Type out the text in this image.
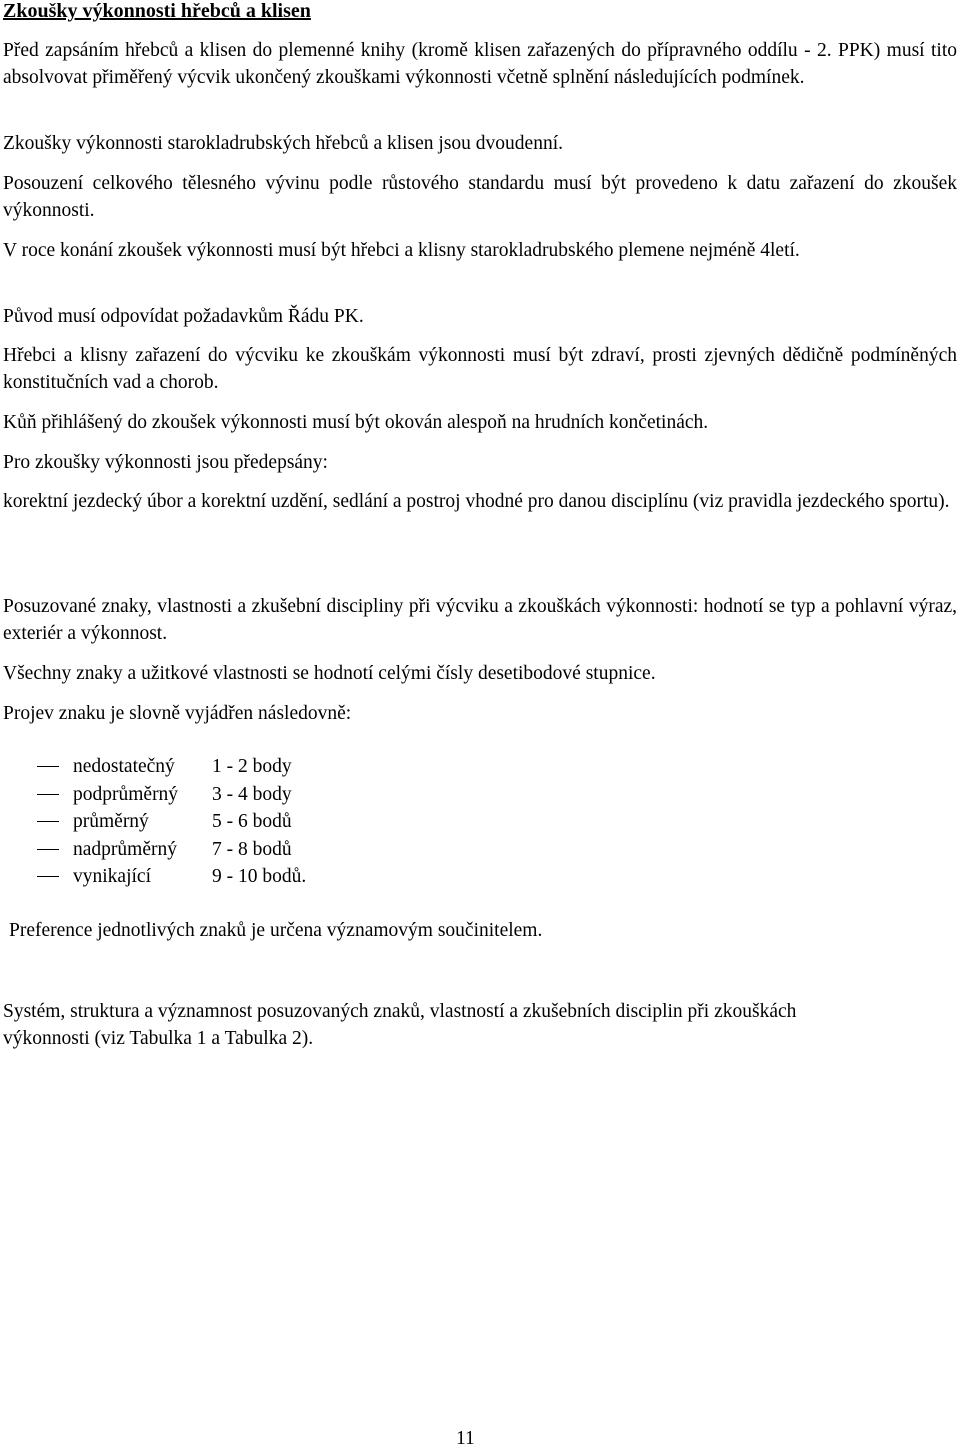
Zkoušky výkonnosti hřebců a klisen

Před zapsáním hřebců a klisen do plemenné knihy (kromě klisen zařazených do přípravného oddílu - 2. PPK) musí tito absolvovat přiměřený výcvik ukončený zkouškami výkonnosti včetně splnění následujících podmínek.

Zkoušky výkonnosti starokladrubských hřebců a klisen jsou dvoudenní.

Posouzení celkového tělesného vývinu podle růstového standardu musí být provedeno k datu zařazení do zkoušek výkonnosti.

V roce konání zkoušek výkonnosti musí být hřebci a klisny starokladrubského plemene nejméně 4letí.

Původ musí odpovídat požadavkům Řádu PK.

Hřebci a klisny zařazení do výcviku ke zkouškám výkonnosti musí být zdraví, prosti zjevných dědičně podmíněných konstitučních vad a chorob.

Kůň přihlášený do zkoušek výkonnosti musí být okován alespoň na hrudních končetinách.

Pro zkoušky výkonnosti jsou předepsány:

korektní jezdecký úbor a korektní uzdění, sedlání a postroj vhodné pro danou disciplínu (viz pravidla jezdeckého sportu).

Posuzované znaky, vlastnosti a zkušební discipliny při výcviku a zkouškách výkonnosti: hodnotí se typ a pohlavní výraz, exteriér a výkonnost.

Všechny znaky a užitkové vlastnosti se hodnotí celými čísly desetibodové stupnice.

Projev znaku je slovně vyjádřen následovně:

nedostatečný 1 - 2 body
podprůměrný 3 - 4 body
průměrný	5 - 6 bodů
nadprůměrný 7 - 8 bodů
vynikající	9 - 10 bodů.

Preference jednotlivých znaků je určena významovým součinitelem.

Systém, struktura a významnost posuzovaných znaků, vlastností a zkušebních disciplin při zkouškách výkonnosti (viz Tabulka 1 a Tabulka 2).

11
